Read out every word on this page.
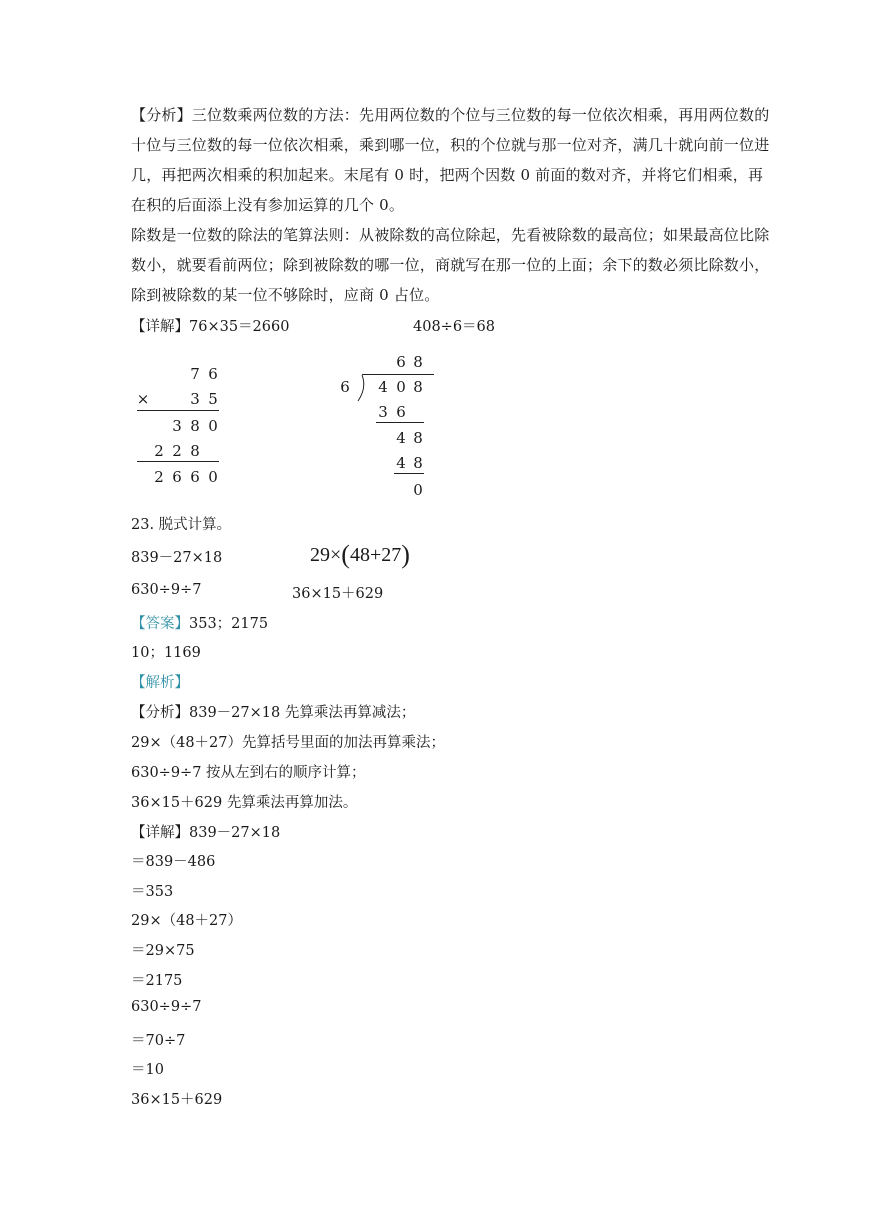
【分析】三位数乘两位数的方法：先用两位数的个位与三位数的每一位依次相乘，再用两位数的十位与三位数的每一位依次相乘，乘到哪一位，积的个位就与那一位对齐，满几十就向前一位进几，再把两次相乘的积加起来。末尾有 0 时，把两个因数 0 前面的数对齐，并将它们相乘，再在积的后面添上没有参加运算的几个 0。

除数是一位数的除法的笔算法则：从被除数的高位除起，先看被除数的最高位；如果最高位比除数小，就要看前两位；除到被除数的哪一位，商就写在那一位的上面；余下的数必须比除数小，除到被除数的某一位不够除时，应商 0 占位。

【详解】76×35＝2660	408÷6＝68
7 6
×	3 5
3 8 0
2 2 8
2 6 6 0
6 8
6 4 0 8
3 6
4 8
4 8
0
23. 脱式计算。
839－27×18	29×(48+27)
630÷9÷7	36×15＋629
【答案】353；2175
10；1169
【解析】
【分析】839－27×18 先算乘法再算减法；
29×（48＋27）先算括号里面的加法再算乘法；
630÷9÷7 按从左到右的顺序计算；
36×15＋629 先算乘法再算加法。
【详解】839－27×18
＝839－486
＝353
29×（48＋27）
＝29×75
＝2175
630÷9÷7
＝70÷7
＝10
36×15＋629
